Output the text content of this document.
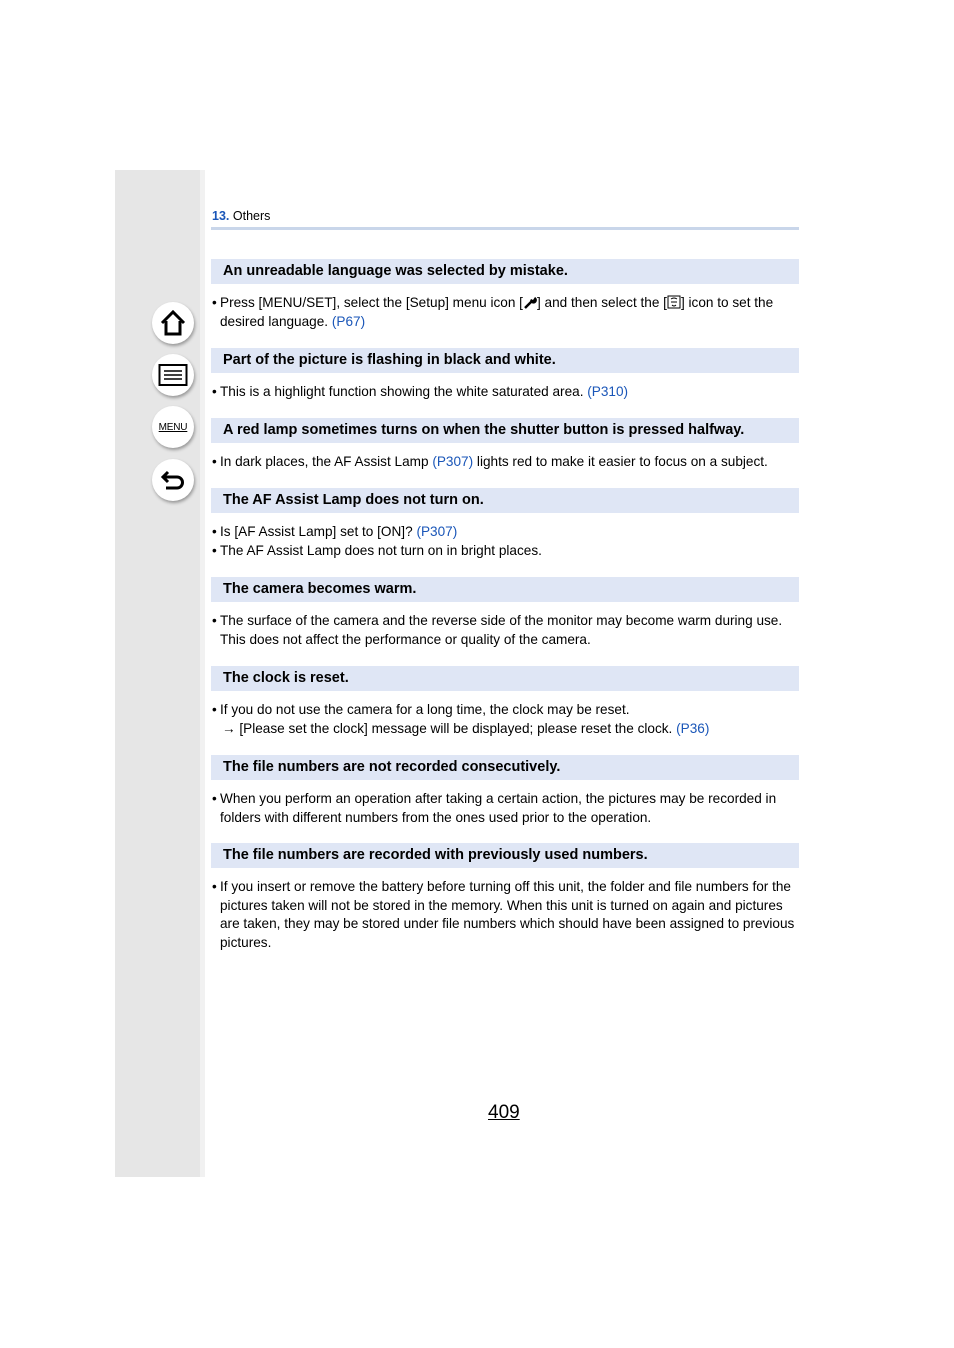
MENU
13. Others
An unreadable language was selected by mistake.
• Press [MENU/SET], select the [Setup] menu icon [ ] and then select the [ ] icon to set the desired language. (P67)
Part of the picture is flashing in black and white.
• This is a highlight function showing the white saturated area. (P310)
A red lamp sometimes turns on when the shutter button is pressed halfway.
• In dark places, the AF Assist Lamp (P307) lights red to make it easier to focus on a subject.
The AF Assist Lamp does not turn on.
• Is [AF Assist Lamp] set to [ON]? (P307)
• The AF Assist Lamp does not turn on in bright places.
The camera becomes warm.
• The surface of the camera and the reverse side of the monitor may become warm during use. This does not affect the performance or quality of the camera.
The clock is reset.
• If you do not use the camera for a long time, the clock may be reset.
→ [Please set the clock] message will be displayed; please reset the clock. (P36)
The file numbers are not recorded consecutively.
• When you perform an operation after taking a certain action, the pictures may be recorded in folders with different numbers from the ones used prior to the operation.
The file numbers are recorded with previously used numbers.
• If you insert or remove the battery before turning off this unit, the folder and file numbers for the pictures taken will not be stored in the memory. When this unit is turned on again and pictures are taken, they may be stored under file numbers which should have been assigned to previous pictures.
409
